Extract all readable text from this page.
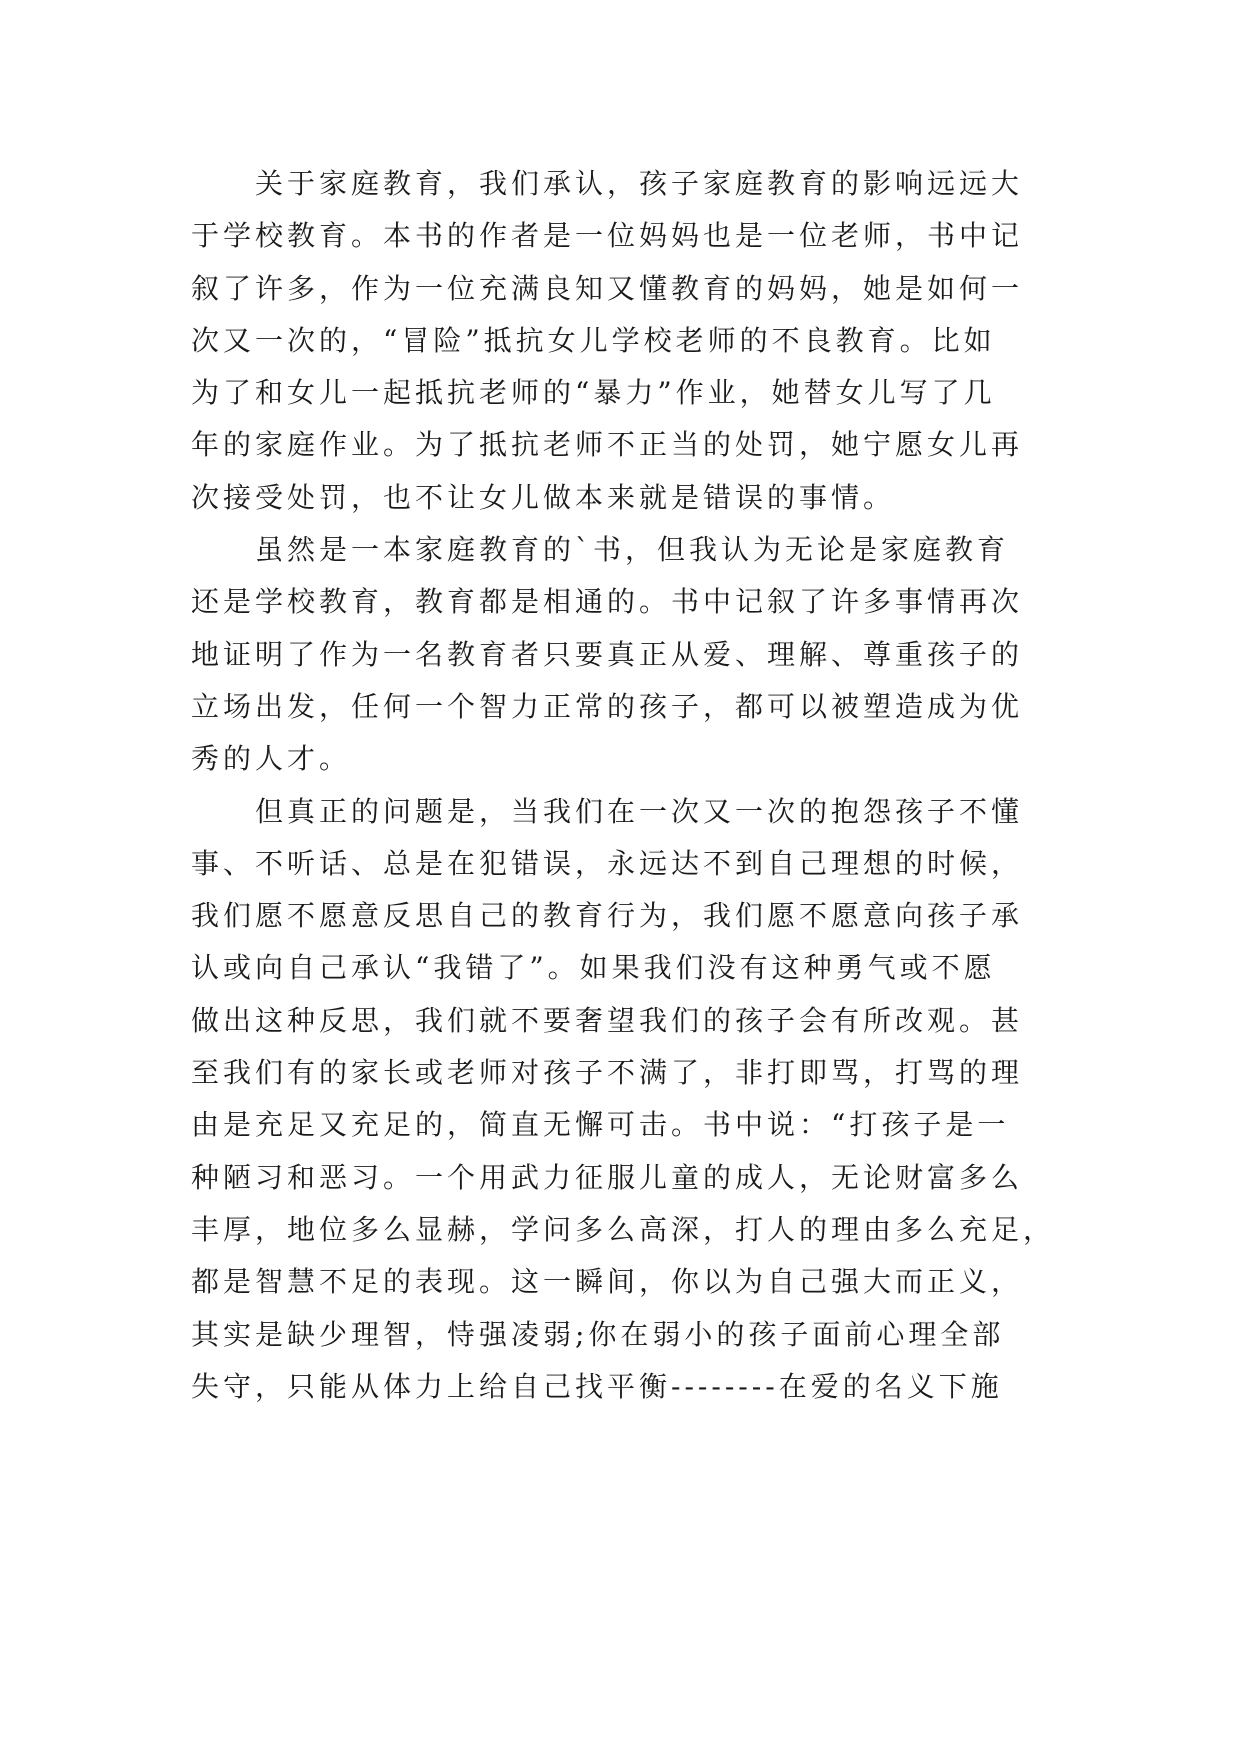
关于家庭教育，我们承认，孩子家庭教育的影响远远大
于学校教育。本书的作者是一位妈妈也是一位老师，书中记
叙了许多，作为一位充满良知又懂教育的妈妈，她是如何一
次又一次的，“冒险”抵抗女儿学校老师的不良教育。比如
为了和女儿一起抵抗老师的“暴力”作业，她替女儿写了几
年的家庭作业。为了抵抗老师不正当的处罚，她宁愿女儿再
次接受处罚，也不让女儿做本来就是错误的事情。
虽然是一本家庭教育的`书，但我认为无论是家庭教育
还是学校教育，教育都是相通的。书中记叙了许多事情再次
地证明了作为一名教育者只要真正从爱、理解、尊重孩子的
立场出发，任何一个智力正常的孩子，都可以被塑造成为优
秀的人才。
但真正的问题是，当我们在一次又一次的抱怨孩子不懂
事、不听话、总是在犯错误，永远达不到自己理想的时候，
我们愿不愿意反思自己的教育行为，我们愿不愿意向孩子承
认或向自己承认“我错了”。如果我们没有这种勇气或不愿
做出这种反思，我们就不要奢望我们的孩子会有所改观。甚
至我们有的家长或老师对孩子不满了，非打即骂，打骂的理
由是充足又充足的，简直无懈可击。书中说：“打孩子是一
种陋习和恶习。一个用武力征服儿童的成人，无论财富多么
丰厚，地位多么显赫，学问多么高深，打人的理由多么充足，
都是智慧不足的表现。这一瞬间，你以为自己强大而正义，
其实是缺少理智，恃强凌弱;你在弱小的孩子面前心理全部
失守，只能从体力上给自己找平衡--------在爱的名义下施
